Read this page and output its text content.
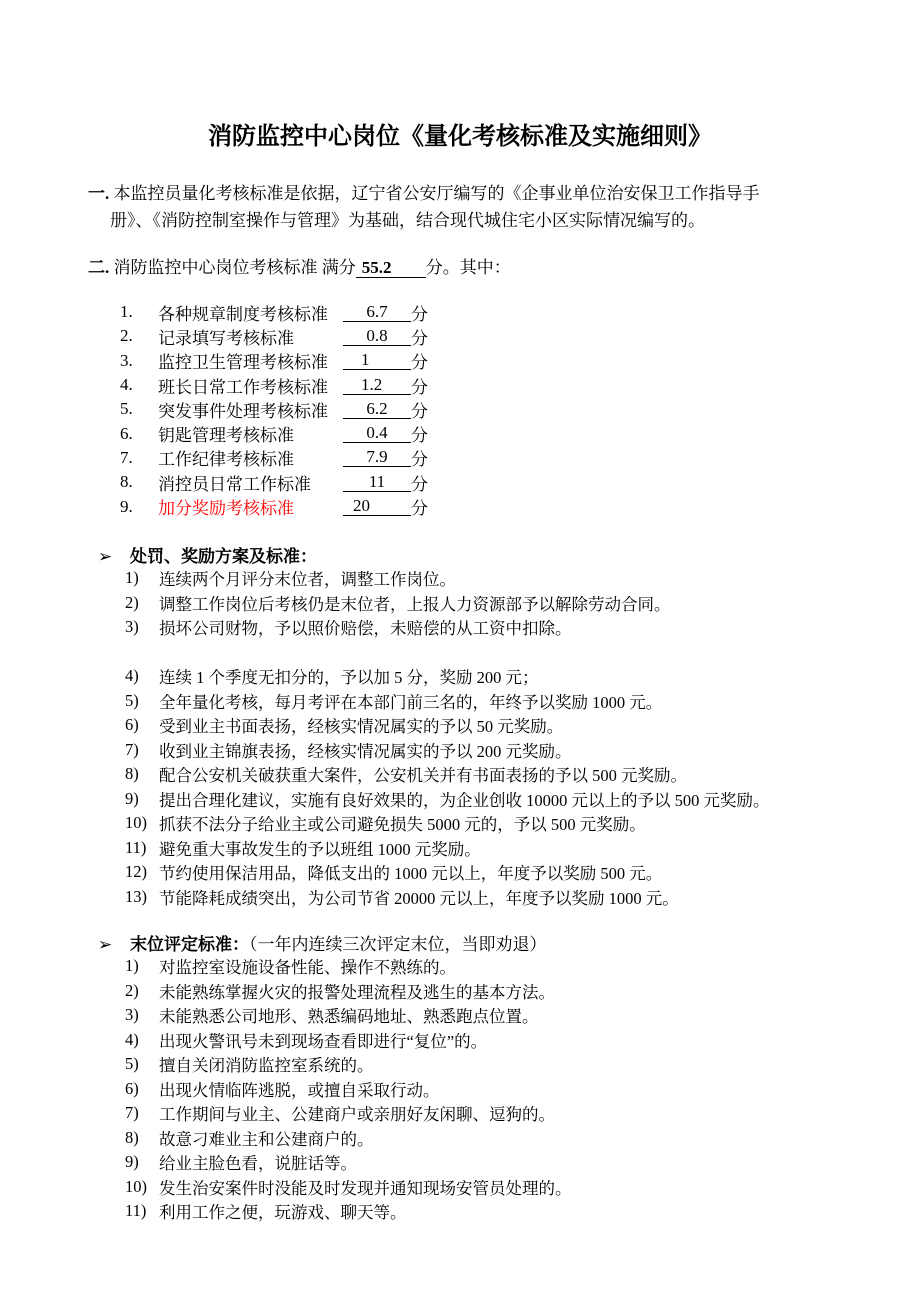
消防监控中心岗位《量化考核标准及实施细则》
一. 本监控员量化考核标准是依据，辽宁省公安厅编写的《企事业单位治安保卫工作指导手
册》、《消防控制室操作与管理》为基础，结合现代城住宅小区实际情况编写的。
二. 消防监控中心岗位考核标准 满分 55.2 分。其中：
1.	各种规章制度考核标准	6.7	分
2.	记录填写考核标准	0.8	分
3.	监控卫生管理考核标准	1	分
4.	班长日常工作考核标准	1.2	分
5.	突发事件处理考核标准	6.2	分
6.	钥匙管理考核标准	0.4	分
7.	工作纪律考核标准	7.9	分
8.	消控员日常工作标准	11	分
9.	加分奖励考核标准	20	分
➢ 处罚、奖励方案及标准：
1)	连续两个月评分末位者，调整工作岗位。
2)	调整工作岗位后考核仍是末位者，上报人力资源部予以解除劳动合同。
3)	损坏公司财物，予以照价赔偿，未赔偿的从工资中扣除。
4)	连续 1 个季度无扣分的，予以加 5 分，奖励 200 元；
5)	全年量化考核，每月考评在本部门前三名的，年终予以奖励 1000 元。
6)	受到业主书面表扬，经核实情况属实的予以 50 元奖励。
7)	收到业主锦旗表扬，经核实情况属实的予以 200 元奖励。
8)	配合公安机关破获重大案件，公安机关并有书面表扬的予以 500 元奖励。
9)	提出合理化建议，实施有良好效果的，为企业创收 10000 元以上的予以 500 元奖励。
10) 抓获不法分子给业主或公司避免损失 5000 元的，予以 500 元奖励。
11) 避免重大事故发生的予以班组 1000 元奖励。
12) 节约使用保洁用品，降低支出的 1000 元以上，年度予以奖励 500 元。
13) 节能降耗成绩突出，为公司节省 20000 元以上，年度予以奖励 1000 元。
➢ 末位评定标准：（一年内连续三次评定末位，当即劝退）
1)	对监控室设施设备性能、操作不熟练的。
2)	未能熟练掌握火灾的报警处理流程及逃生的基本方法。
3)	未能熟悉公司地形、熟悉编码地址、熟悉跑点位置。
4)	出现火警讯号未到现场查看即进行“复位”的。
5)	擅自关闭消防监控室系统的。
6)	出现火情临阵逃脱，或擅自采取行动。
7)	工作期间与业主、公建商户或亲朋好友闲聊、逗狗的。
8)	故意刁难业主和公建商户的。
9)	给业主脸色看，说脏话等。
10) 发生治安案件时没能及时发现并通知现场安管员处理的。
11) 利用工作之便，玩游戏、聊天等。
